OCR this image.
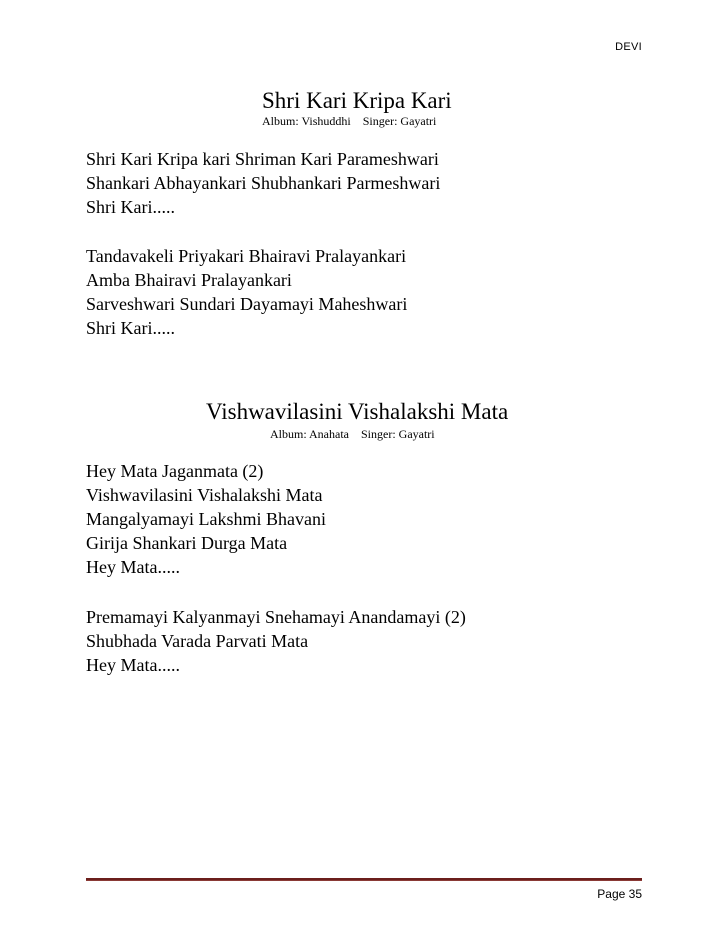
DEVI
Shri Kari Kripa Kari
Album: Vishuddhi Singer: Gayatri
Shri Kari Kripa kari Shriman Kari Parameshwari
Shankari Abhayankari Shubhankari Parmeshwari
Shri Kari.....
Tandavakeli Priyakari Bhairavi Pralayankari
Amba Bhairavi Pralayankari
Sarveshwari Sundari Dayamayi Maheshwari
Shri Kari.....
Vishwavilasini Vishalakshi Mata
Album: Anahata Singer: Gayatri
Hey Mata Jaganmata (2)
Vishwavilasini Vishalakshi Mata
Mangalyamayi Lakshmi Bhavani
Girija Shankari Durga Mata
Hey Mata.....
Premamayi Kalyanmayi Snehamayi Anandamayi (2)
Shubhada Varada Parvati Mata
Hey Mata.....
Page 35
